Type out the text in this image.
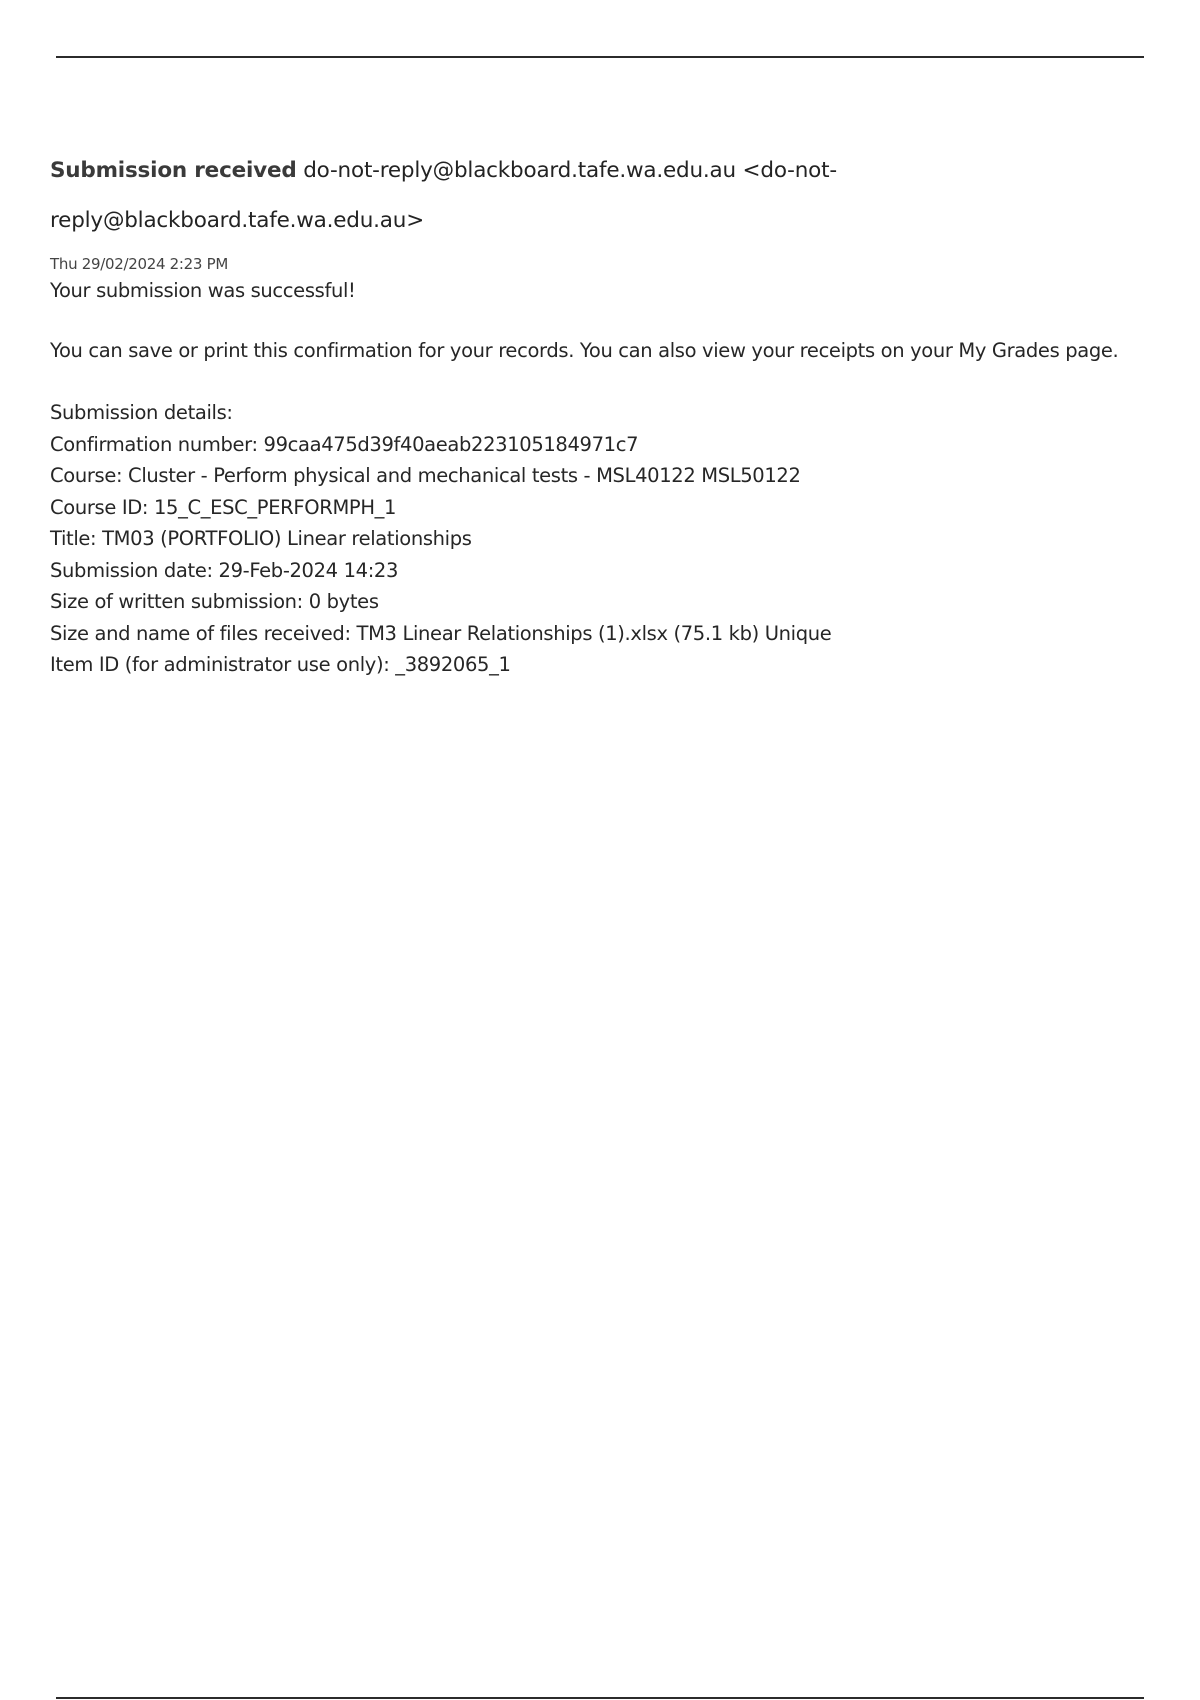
Submission received do-not-reply@blackboard.tafe.wa.edu.au <do-not-
reply@blackboard.tafe.wa.edu.au>
Thu 29/02/2024 2:23 PM
Your submission was successful!
You can save or print this confirmation for your records. You can also view your receipts on your My Grades page.
Submission details:
Confirmation number: 99caa475d39f40aeab223105184971c7
Course: Cluster - Perform physical and mechanical tests - MSL40122 MSL50122
Course ID: 15_C_ESC_PERFORMPH_1
Title: TM03 (PORTFOLIO) Linear relationships
Submission date: 29-Feb-2024 14:23
Size of written submission: 0 bytes
Size and name of files received: TM3 Linear Relationships (1).xlsx (75.1 kb) Unique
Item ID (for administrator use only): _3892065_1
